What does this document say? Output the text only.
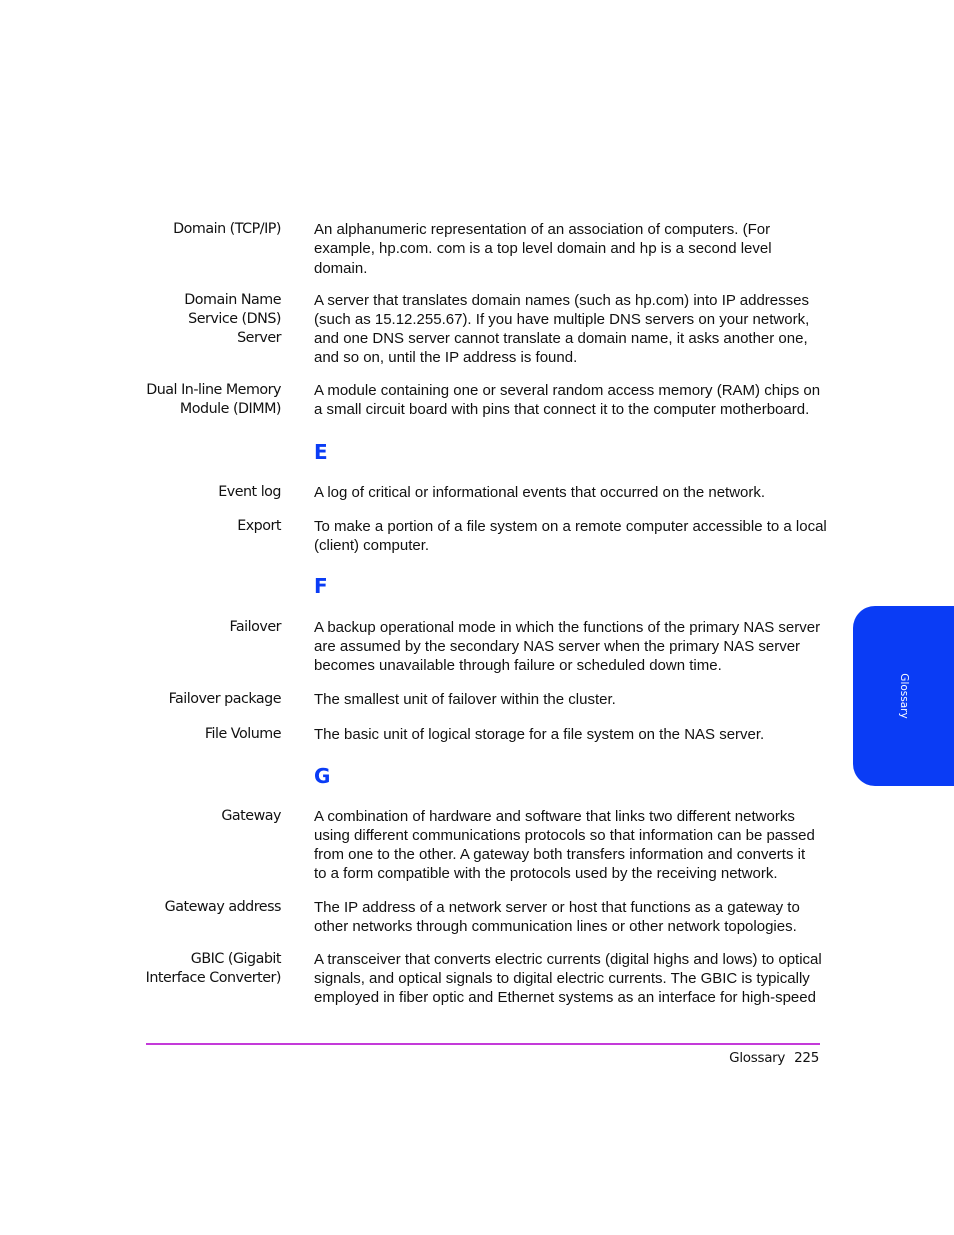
Domain (TCP/IP) An alphanumeric representation of an association of computers. (For
example, hp.com. com is a top level domain and hp is a second level
domain.
Domain Name
Service (DNS)
Server
A server that translates domain names (such as hp.com) into IP addresses
(such as 15.12.255.67). If you have multiple DNS servers on your network,
and one DNS server cannot translate a domain name, it asks another one,
and so on, until the IP address is found.
Dual In-line Memory
Module (DIMM)
A module containing one or several random access memory (RAM) chips on
a small circuit board with pins that connect it to the computer motherboard.
E
Event log A log of critical or informational events that occurred on the network.
Export To make a portion of a file system on a remote computer accessible to a local
(client) computer.
F
Failover A backup operational mode in which the functions of the primary NAS server
are assumed by the secondary NAS server when the primary NAS server
becomes unavailable through failure or scheduled down time.
Failover package The smallest unit of failover within the cluster.
File Volume The basic unit of logical storage for a file system on the NAS server.
G
Gateway A combination of hardware and software that links two different networks
using different communications protocols so that information can be passed
from one to the other. A gateway both transfers information and converts it
to a form compatible with the protocols used by the receiving network.
Gateway address The IP address of a network server or host that functions as a gateway to
other networks through communication lines or other network topologies.
GBIC (Gigabit
Interface Converter)
A transceiver that converts electric currents (digital highs and lows) to optical
signals, and optical signals to digital electric currents. The GBIC is typically
employed in fiber optic and Ethernet systems as an interface for high-speed
Glossary 225
Glossary
